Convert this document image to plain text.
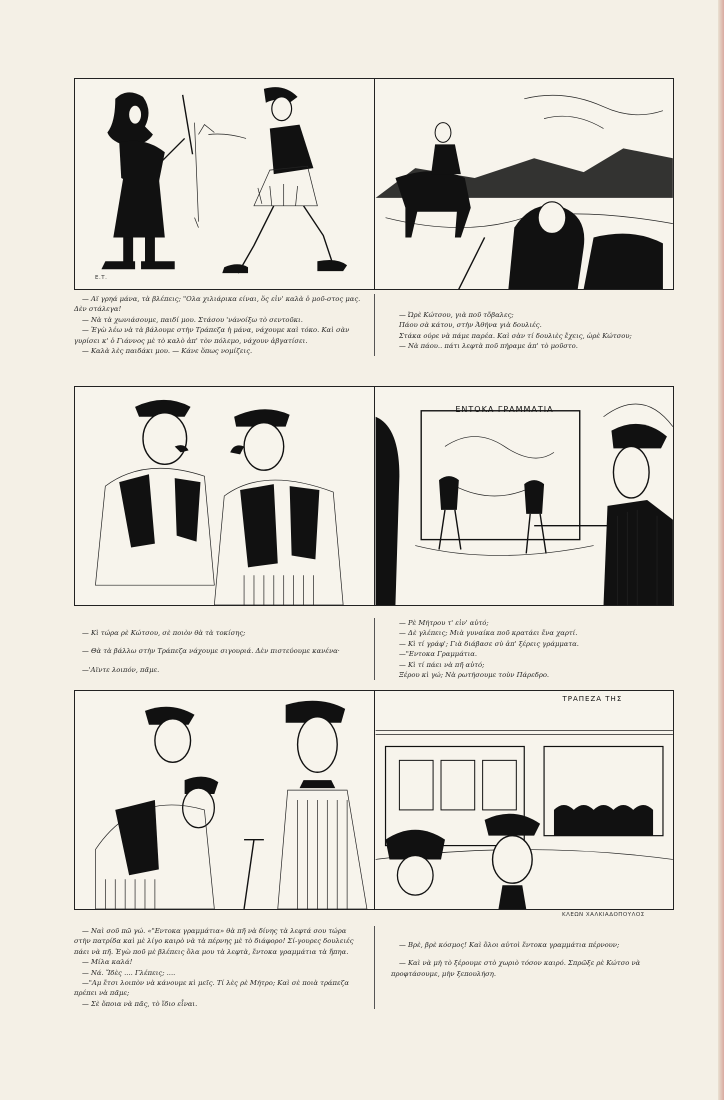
Ε.Τ.

— Αϊ γρηά μάνα, τὰ βλέπεις; "Ολα χιλιάρικα είναι, ὅς εἰν' καλὰ ὁ μοῦ-στος μας. Δὲν στάλεγα!

— Νὰ τὰ χωνιάσουμε, παιδί μου. Στάσου 'νάνοίξω τὸ σεντοῦκι.

— Ἐγὼ λέω νὰ τὰ βάλουμε στὴν Τράπεζα ἡ μάνα, νάχουμε καὶ τόκο. Καὶ σὰν γυρίσει κ' ὁ Γιάννος μὲ τὸ καλὸ ἀπ' τὸν πόλεμο, νάχουν ἀβγατίσει.

— Καλὰ λὲς παιδάκι μου. — Κάνε ὅπως νομίζεις.

— Ὠρὲ Κώτσου, γιὰ ποῦ τὄβαλες;

Πάου σὰ κάτου, στὴν Ἀθήνα γιὰ δουλιές.

Στάκα ούρε νὰ πάμε παρέα. Καὶ σὰν τί δουλιὲς ἔχεις, ὠρὲ Κώτσου;

— Νὰ πάου.. πάτι λεφτὰ ποῦ πήραμε ἀπ' τὸ μοῦστο.

ΕΝΤΟΚΑ ΓΡΑΜΜΑΤΙΑ

— Κὶ τώρα ρὲ Κώτσου, σὲ ποιὸν θὰ τὰ τοκίσης;

— Θὰ τὰ βάλλω στὴν Τράπεζα νάχουμε σιγουριά. Δὲν πιστεύουμε κανένα·

—'Αϊντε λοιπόν, πᾶμε.

— Ρὲ Μήτρου τ' εἰν' αὐτό;

— Δὲ γλέπεις; Μιὰ γυναίκα ποῦ κρατάει ἕνα χαρτί.

— Κὶ τί γράφ'; Γιὰ διάβασε σὺ ἀπ' ξέρεις γράμματα.

—"Εντοκα Γραμμάτια.

— Κὶ τί πάει νὰ πῆ αὐτό;

Ξέρου κὶ γώ; Νὰ ρωτήσουμε τοὺν Πάρεδρο.

ΤΡΑΠΕΖΑ ΤΗΣ
ΚΛΕΩΝ ΧΑΛΚΙΑΔΟΠΟΥΛΟΣ

— Ναὶ σοῦ πῶ γώ. «"Εντοκα γραμμάτια» θὰ πῆ νὰ δίνης τὰ λεφτά σου τώρα στὴν πατρίδα καὶ μὲ λίγο καιρὸ νὰ τὰ πέρνης μὲ τὸ διάφορο! Σί-γουρες δουλειές πάει νὰ πῆ. Ἐγὼ ποῦ μὲ βλέπεις ὅλα μου τὰ λεφτὰ, ἔντοκα γραμμάτια τὰ ἤπηα.

— Μίλα καλά!

— Νά. Ἴδὲς .... Γλέπεις; ....

—"Αμ ἔτσι λοιπὸν νὰ κάνουμε κὶ μεῖς. Τί λὲς ρὲ Μήτρο; Καὶ σὲ ποιὰ τράπεζα πρέπει νὰ πᾶμε;

— Σὲ ὅποια νὰ πᾶς, τὸ ἴδιο εἶναι.

— Βρὲ, βρὲ κόσμος! Καὶ ὅλοι αὐτοὶ ἔντοκα γραμμάτια πέρνουν;

— Καὶ νὰ μὴ τὸ ξέρουμε στὸ χωριὸ τόσον καιρό. Σπρῶξε ρὲ Κώτσο νὰ προφτάσουμε, μὴν ξεπουλήση.
